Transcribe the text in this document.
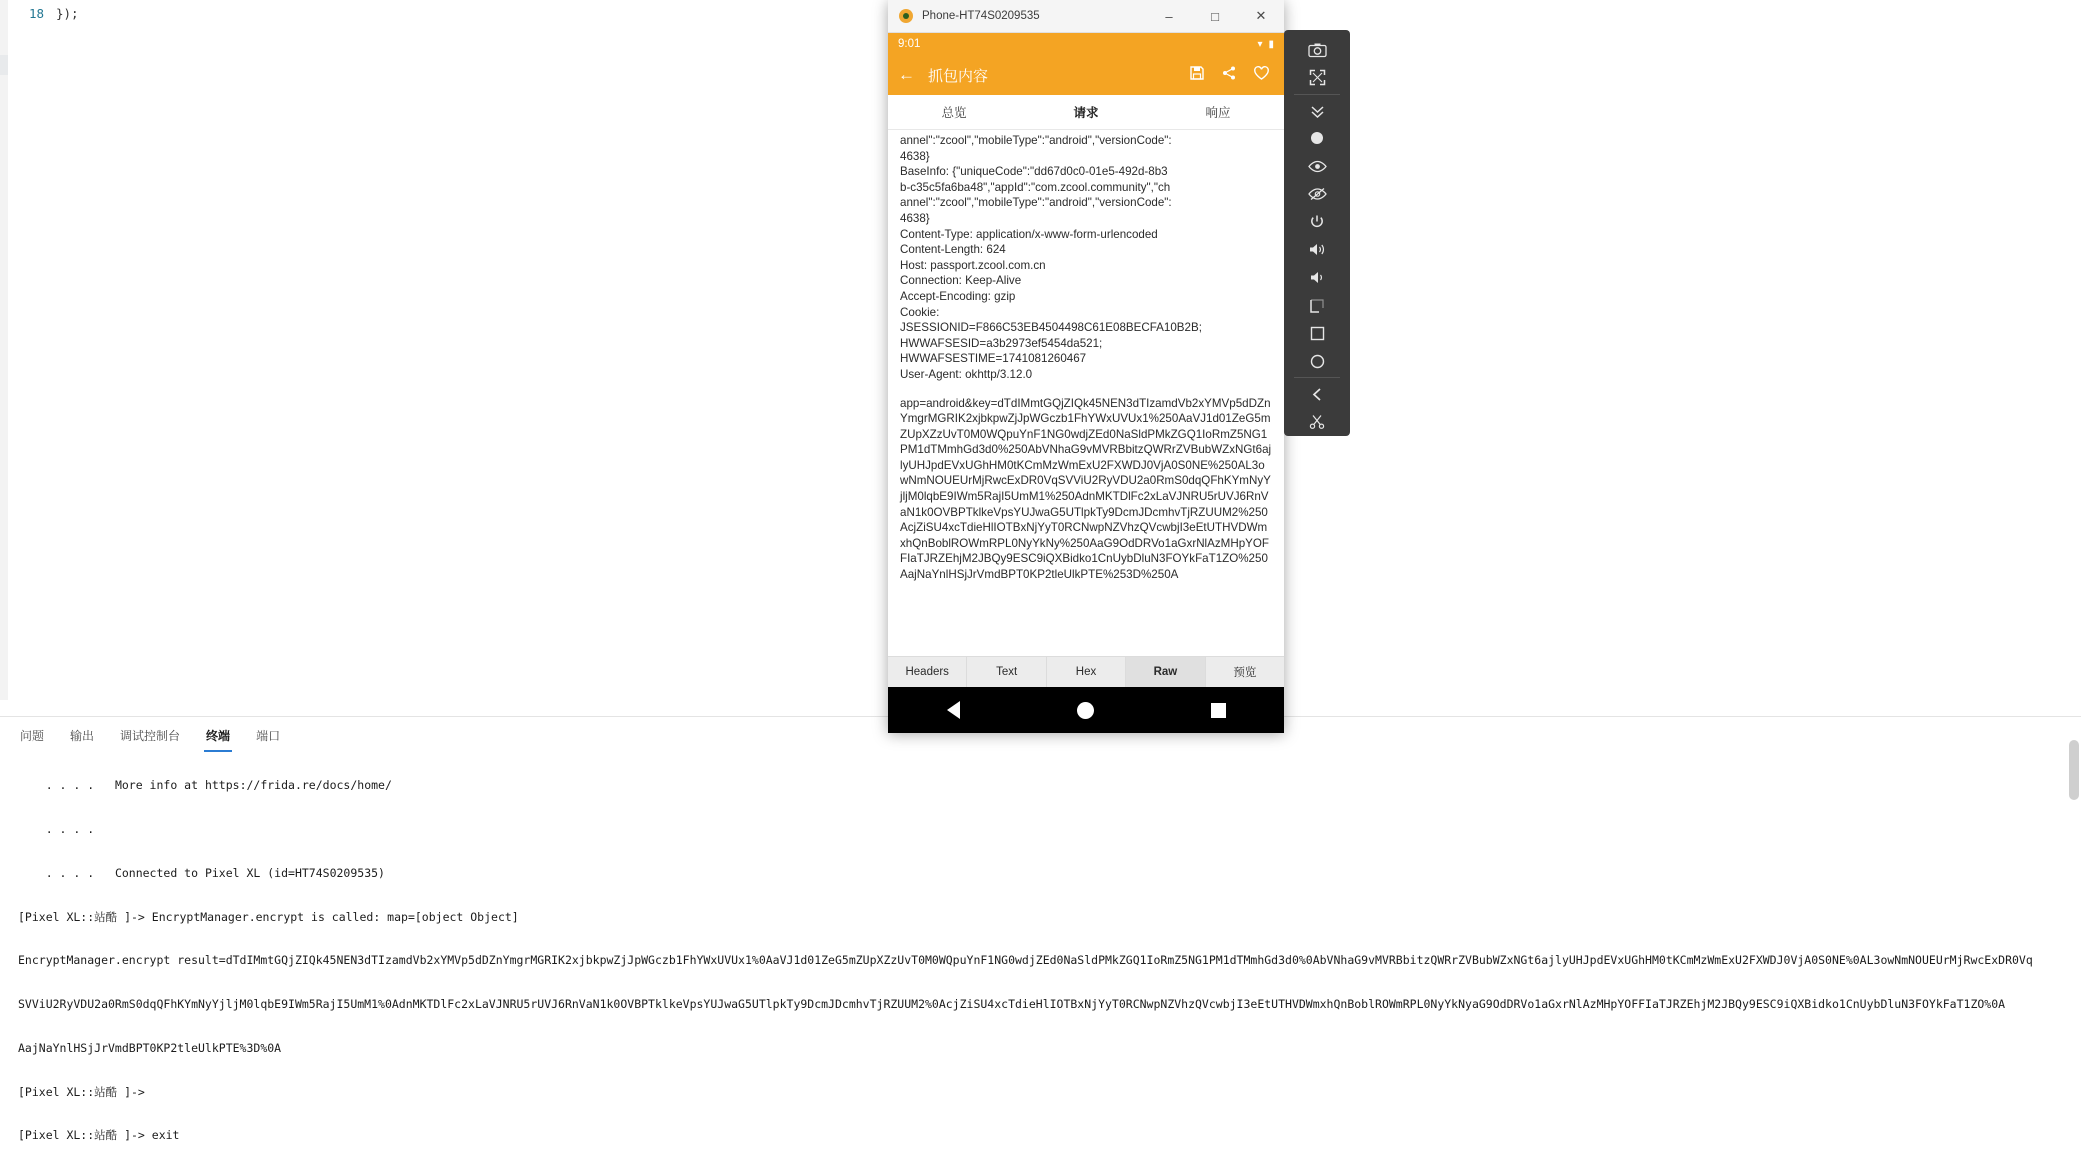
18 });
问题 输出 调试控制台 终端 端口

. . . .   More info at https://frida.re/docs/home/

. . . .

. . . .   Connected to Pixel XL (id=HT74S0209535)

[Pixel XL::站酷 ]-> EncryptManager.encrypt is called: map=[object Object]

EncryptManager.encrypt result=dTdIMmtGQjZIQk45NEN3dTIzamdVb2xYMVp5dDZnYmgrMGRIK2xjbkpwZjJpWGczb1FhYWxUVUx1%0AaVJ1d01ZeG5mZUpXZzUvT0M0WQpuYnF1NG0wdjZEd0NaSldPMkZGQ1IoRmZ5NG1PM1dTMmhGd3d0%0AbVNhaG9vMVRBbitzQWRrZVBubWZxNGt6ajlyUHJpdEVxUGhHM0tKCmMzWmExU2FXWDJ0VjA0S0NE%0AL3owNmNOUEUrMjRwcExDR0Vq

SVViU2RyVDU2a0RmS0dqQFhKYmNyYjljM0lqbE9IWm5RajI5UmM1%0AdnMKTDlFc2xLaVJNRU5rUVJ6RnVaN1k0OVBPTklkeVpsYUJwaG5UTlpkTy9DcmJDcmhvTjRZUUM2%0AcjZiSU4xcTdieHlIOTBxNjYyT0RCNwpNZVhzQVcwbjI3eEtUTHVDWmxhQnBoblROWmRPL0NyYkNyaG9OdDRVo1aGxrNlAzMHpYOFFIaTJRZEhjM2JBQy9ESC9iQXBidko1CnUybDluN3FOYkFaT1ZO%0A

AajNaYnlHSjJrVmdBPT0KP2tleUlkPTE%3D%0A

[Pixel XL::站酷 ]->

[Pixel XL::站酷 ]-> exit

Phone-HT74S0209535	–	□	✕
9:01	▾ ▮
← 抓包内容
总览	请求	响应
annel":"zcool","mobileType":"android","versionCode":
4638}
BaseInfo: {"uniqueCode":"dd67d0c0-01e5-492d-8b3
b-c35c5fa6ba48","appId":"com.zcool.community","ch
annel":"zcool","mobileType":"android","versionCode":
4638}
Content-Type: application/x-www-form-urlencoded
Content-Length: 624
Host: passport.zcool.com.cn
Connection: Keep-Alive
Accept-Encoding: gzip
Cookie:
JSESSIONID=F866C53EB4504498C61E08BECFA10B2B;
HWWAFSESID=a3b2973ef5454da521;
HWWAFSESTIME=1741081260467
User-Agent: okhttp/3.12.0
app=android&key=dTdIMmtGQjZIQk45NEN3dTIzamdVb2xYMVp5dDZnYmgrMGRIK2xjbkpwZjJpWGczb1FhYWxUVUx1%250AaVJ1d01ZeG5mZUpXZzUvT0M0WQpuYnF1NG0wdjZEd0NaSldPMkZGQ1IoRmZ5NG1PM1dTMmhGd3d0%250AbVNhaG9vMVRBbitzQWRrZVBubWZxNGt6ajlyUHJpdEVxUGhHM0tKCmMzWmExU2FXWDJ0VjA0S0NE%250AL3owNmNOUEUrMjRwcExDR0VqSVViU2RyVDU2a0RmS0dqQFhKYmNyYjljM0lqbE9IWm5RajI5UmM1%250AdnMKTDlFc2xLaVJNRU5rUVJ6RnVaN1k0OVBPTklkeVpsYUJwaG5UTlpkTy9DcmJDcmhvTjRZUUM2%250AcjZiSU4xcTdieHlIOTBxNjYyT0RCNwpNZVhzQVcwbjI3eEtUTHVDWmxhQnBoblROWmRPL0NyYkNy%250AaG9OdDRVo1aGxrNlAzMHpYOFFIaTJRZEhjM2JBQy9ESC9iQXBidko1CnUybDluN3FOYkFaT1ZO%250AajNaYnlHSjJrVmdBPT0KP2tleUlkPTE%253D%250A
Headers	Text	Hex	Raw	预览
